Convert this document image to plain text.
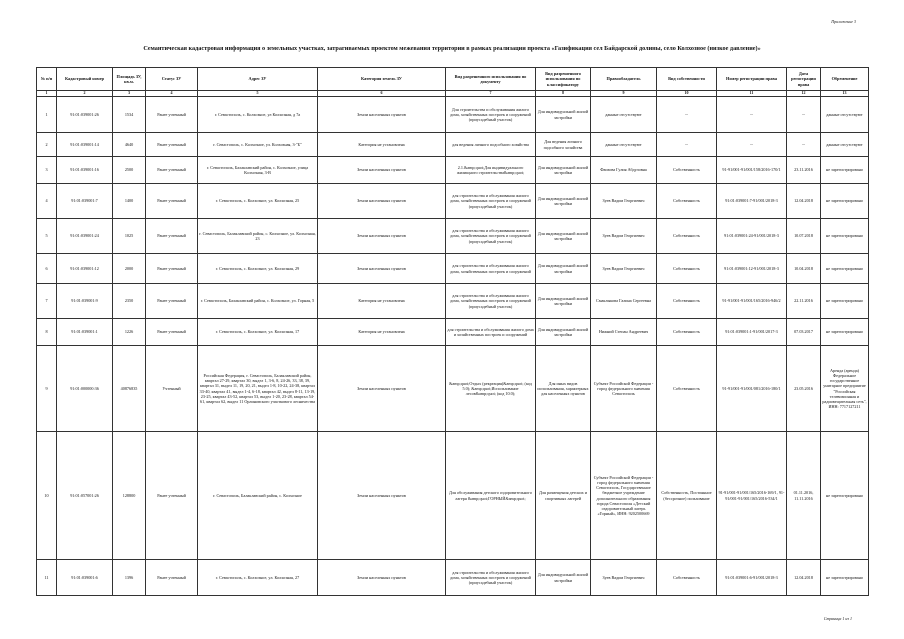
Приложение 3
Семантическая кадастровая информация о земельных участках, затрагиваемых проектом межевания территории в рамках реализации проекта «Газификация сел Байдарской долины, село Колхозное (низкое давление)»
№ п/п	Кадастровый номер	Площадь ЗУ, кв.м.	Статус ЗУ	Адрес ЗУ	Категория земель ЗУ	Вид разрешенного использования по документу	Вид разрешенного использования по классификатору	Правообладатель	Вид собственности	Номер регистрации права	Дата регистрации права	Обременение
1	2	3	4	5	6	7	8	9	10	11	12	13
1	91:01:039001:26	1534	Ранее учтенный	г. Севастополь, с. Колхозное, ул Колхозная, д 7а	Земли населенных пунктов	Для строительства и обслуживания жилого дома, хозяйственных построек и сооружений (приусадебный участок)	Для индивидуальной жилой застройки	данные отсутствуют	--	--	--	данные отсутствуют
2	91:01:039001:14	4640	Ранее учтенный	г. Севастополь, с. Колхозное, ул. Колхозная, 3-"Б"	Категория не установлена	для ведения личного подсобного хозяйства	Для ведения личного подсобного хозяйства	данные отсутствуют	--	--	--	данные отсутствуют
3	91:01:039001:16	2500	Ранее учтенный	г. Севастополь, Балаклавский район, с. Колхозное, улица Колхозная, 3-В	Земли населенных пунктов	2.1.&amp;quot;Для индивидуального жилищного строительства&amp;quot;	Для индивидуальной жилой застройки	Фаизова Гулия Абдуловна	Собственность	91-91/001-91/001/158/2016-170/1	23.11.2016	не зарегистрировано
4	91:01:039001:7	1400	Ранее учтенный	г. Севастополь, с. Колхозное, ул. Колхозная, 25	Земли населенных пунктов	для строительства и обслуживания жилого дома, хозяйственных построек и сооружений (приусадебный участок)	Для индивидуальной жилой застройки	Зуев Вадим Георгиевич	Собственность	91:01:039001:7-91/001/2018-3	12.04.2018	не зарегистрировано
5	91:01:039001:24	1025	Ранее учтенный	г. Севастополь, Балаклавский район, с. Колхозное, ул. Колхозная, 23	Земли населенных пунктов	для строительства и обслуживания жилого дома, хозяйственных построек и сооружений (приусадебный участок)	Для индивидуальной жилой застройки	Зуев Вадим Георгиевич	Собственность	91:01:039001:24-91/001/2018-3	10.07.2018	не зарегистрировано
6	91:01:039001:12	2000	Ранее учтенный	г. Севастополь, с. Колхозное, ул. Колхозная, 29	Земли населенных пунктов	для строительства и обслуживания жилого дома, хозяйственных построек и сооружений	Для индивидуальной жилой застройки	Зуев Вадим Георгиевич	Собственность	91:01:039001:12-91/001/2018-3	10.04.2018	не зарегистрировано
7	91:01:039001:9	2350	Ранее учтенный	г. Севастополь, Балаклавский район, с. Колхозное, ул. Горная, 5	Категория не установлена	для строительства и обслуживания жилого дома, хозяйственных построек и сооружений (приусадебный участок)	Для индивидуальной жилой застройки	Смаклыкова Галина Сергеевна	Собственность	91-91/001-91/001/165/2016-946/2	22.11.2016	не зарегистрировано
8	91:01:039001:1	1226	Ранее учтенный	г. Севастополь, с. Колхозное, ул. Колхозная, 17	Категория не установлена	для строительства и обслуживания жилого дома и хозяйственных построек и сооружений	Для индивидуальной жилой застройки	Нижний Степан Андреевич	Собственность	91:01:039001:1-91/001/2017-3	07.03.2017	не зарегистрировано
9	91:01:000000:36	40876835	Учтенный	Российская Федерация, г. Севастополь, Балаклавский район, квартал 27-29, квартал 30, выдел 1, 3-6, 8, 24-26, 33, 38, 39, квартал 31, выдел 11, 19, 20, 21, выдел 1-8, 10-22, 24-38, квартал 33-40, квартал 41, выдел 1-4, 6-18, квартал 42, выдел 8-11, 13-19, 23-25, квартал 43-52, квартал 53, выдел 1-20, 23-28, квартал 54-61, квартал 62, выдел 11 Орлиновского участкового лесничества	Земли населенных пунктов	&amp;quot;Отдых (рекреация)&amp;quot; (код 5.0); &amp;quot;Использование лесов&amp;quot; (код 10.0);	Для иных видов использования, характерных для населенных пунктов	Субъект Российской Федерации - город федерального значения Севастополь	Собственность	91-91/001-91/001/081/2016-180/1	23.05.2016	Аренда (аренда) Федеральное государственное унитарное предприятие "Российская телевизионная и радиовещательная сеть", ИНН: 7717127211
10	91:01:057001:26	128800	Ранее учтенный	г. Севастополь, Балаклавский район, с. Колхозное	Земли населенных пунктов	Для обслуживания детского оздоровительного лагеря &amp;quot;ГОРНЫЙ&amp;quot;	Для размещения детских и спортивных лагерей	Субъект Российской Федерации - город федерального значения Севастополь, Государственное бюджетное учреждение дополнительного образования города Севастополя «Детский оздоровительный лагерь «Горный», ИНН: 9202500669	Собственность, Постоянное (бессрочное) пользование	91-91/001-91/001/165/2016-169/1, 91-91/001-91/001/165/2016-534/1	01.11.2016, 11.11.2016	не зарегистрировано
11	91:01:039001:6	1396	Ранее учтенный	г. Севастополь, с. Колхозное, ул. Колхозная, 27	Земли населенных пунктов	для строительства и обслуживания жилого дома, хозяйственных построек и сооружений (приусадебный участок)	Для индивидуальной жилой застройки	Зуев Вадим Георгиевич	Собственность	91:01:039001:6-91/001/2018-3	12.04.2018	не зарегистрировано
Страница 1 из 1
